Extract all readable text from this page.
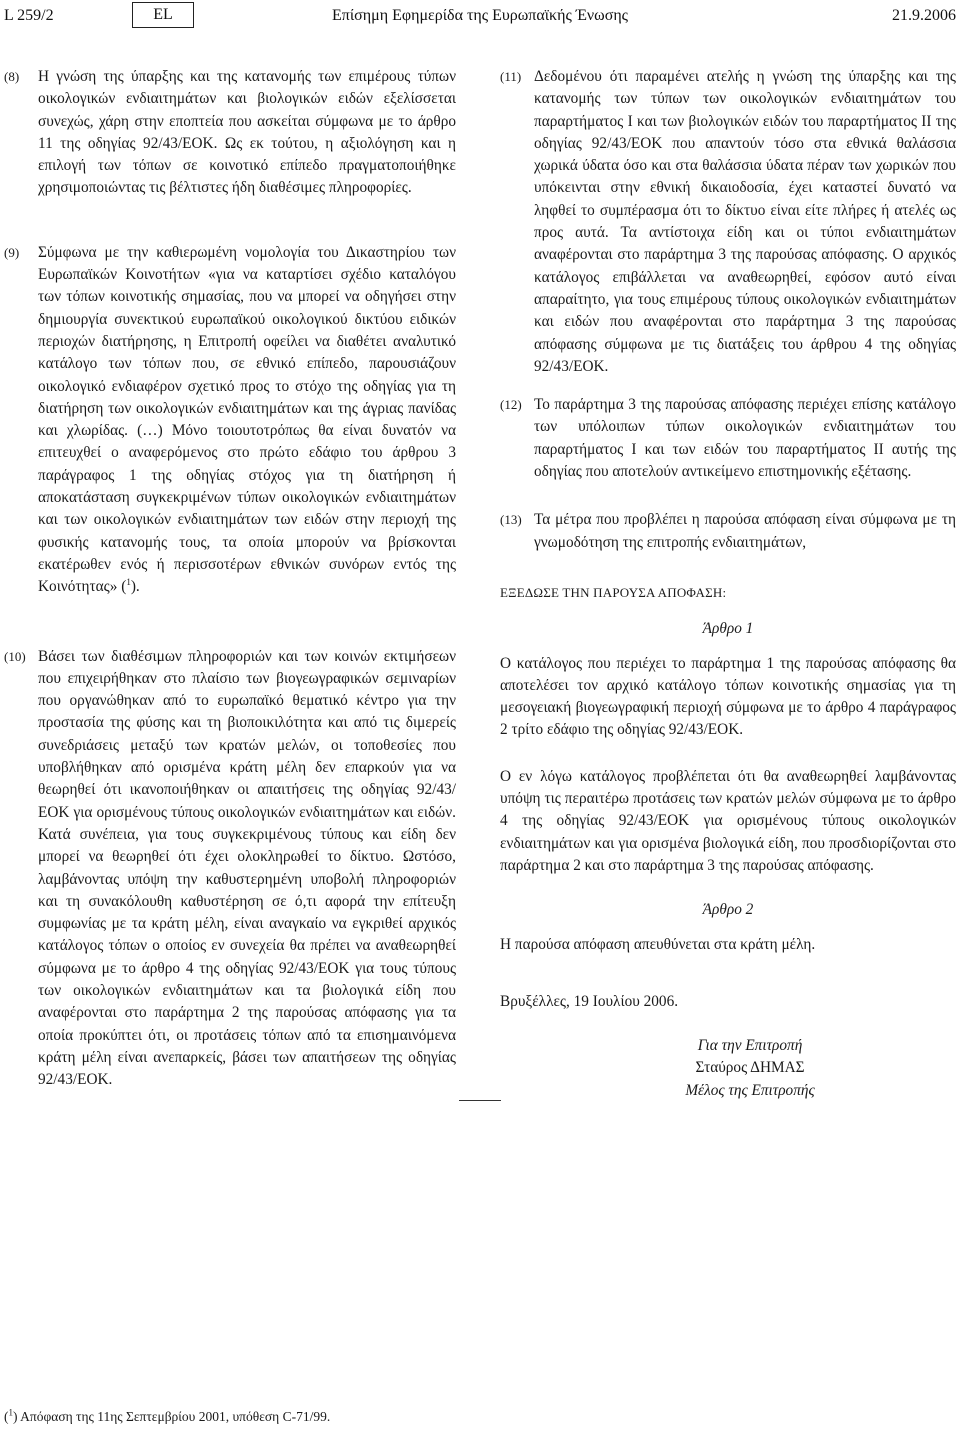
L 259/2	EL	Επίσημη Εφημερίδα της Ευρωπαϊκής Ένωσης	21.9.2006
(8) Η γνώση της ύπαρξης και της κατανομής των επιμέρους τύπων οικολογικών ενδιαιτημάτων και βιολογικών ειδών εξελίσσεται συνεχώς, χάρη στην εποπτεία που ασκείται σύμφωνα με το άρθρο 11 της οδηγίας 92/43/ΕΟΚ. Ως εκ τούτου, η αξιολόγηση και η επιλογή των τόπων σε κοινοτικό επίπεδο πραγματοποιήθηκε χρησιμοποιώντας τις βέλτιστες ήδη διαθέσιμες πληροφορίες.
(9) Σύμφωνα με την καθιερωμένη νομολογία του Δικαστηρίου των Ευρωπαϊκών Κοινοτήτων «για να καταρτίσει σχέδιο καταλόγου των τόπων κοινοτικής σημασίας, που να μπορεί να οδηγήσει στην δημιουργία συνεκτικού ευρωπαϊκού οικολογικού δικτύου ειδικών περιοχών διατήρησης, η Επιτροπή οφείλει να διαθέτει αναλυτικό κατάλογο των τόπων που, σε εθνικό επίπεδο, παρουσιάζουν οικολογικό ενδιαφέρον σχετικό προς το στόχο της οδηγίας για τη διατήρηση των οικολογικών ενδιαιτημάτων και της άγριας πανίδας και χλωρίδας. (…) Μόνο τοιουτοτρόπως θα είναι δυνατόν να επιτευχθεί ο αναφερόμενος στο πρώτο εδάφιο του άρθρου 3 παράγραφος 1 της οδηγίας στόχος για τη διατήρηση ή αποκατάσταση συγκεκριμένων τύπων οικολογικών ενδιαιτημάτων και των οικολογικών ενδιαιτημάτων των ειδών στην περιοχή της φυσικής κατανομής τους, τα οποία μπορούν να βρίσκονται εκατέρωθεν ενός ή περισσοτέρων εθνικών συνόρων εντός της Κοινότητας» ($^1$).
(10) Βάσει των διαθέσιμων πληροφοριών και των κοινών εκτιμήσεων που επιχειρήθηκαν στο πλαίσιο των βιογεωγραφικών σεμιναρίων που οργανώθηκαν από το ευρωπαϊκό θεματικό κέντρο για την προστασία της φύσης και τη βιοποικιλότητα και από τις διμερείς συνεδριάσεις μεταξύ των κρατών μελών, οι τοποθεσίες που υποβλήθηκαν από ορισμένα κράτη μέλη δεν επαρκούν για να θεωρηθεί ότι ικανοποιήθηκαν οι απαιτήσεις της οδηγίας 92/43/ΕΟΚ για ορισμένους τύπους οικολογικών ενδιαιτημάτων και ειδών. Κατά συνέπεια, για τους συγκεκριμένους τύπους και είδη δεν μπορεί να θεωρηθεί ότι έχει ολοκληρωθεί το δίκτυο. Ωστόσο, λαμβάνοντας υπόψη την καθυστερημένη υποβολή πληροφοριών και τη συνακόλουθη καθυστέρηση σε ό,τι αφορά την επίτευξη συμφωνίας με τα κράτη μέλη, είναι αναγκαίο να εγκριθεί αρχικός κατάλογος τόπων ο οποίος εν συνεχεία θα πρέπει να αναθεωρηθεί σύμφωνα με το άρθρο 4 της οδηγίας 92/43/ΕΟΚ για τους τύπους των οικολογικών ενδιαιτημάτων και τα βιολογικά είδη που αναφέρονται στο παράρτημα 2 της παρούσας απόφασης για τα οποία προκύπτει ότι, οι προτάσεις τόπων από τα επισημαινόμενα κράτη μέλη είναι ανεπαρκείς, βάσει των απαιτήσεων της οδηγίας 92/43/ΕΟΚ.
(11) Δεδομένου ότι παραμένει ατελής η γνώση της ύπαρξης και της κατανομής των τύπων των οικολογικών ενδιαιτημάτων του παραρτήματος I και των βιολογικών ειδών του παραρτήματος II της οδηγίας 92/43/ΕΟΚ που απαντούν τόσο στα εθνικά θαλάσσια χωρικά ύδατα όσο και στα θαλάσσια ύδατα πέραν των χωρικών που υπόκεινται στην εθνική δικαιοδοσία, έχει καταστεί δυνατό να ληφθεί το συμπέρασμα ότι το δίκτυο είναι είτε πλήρες ή ατελές ως προς αυτά. Τα αντίστοιχα είδη και οι τύποι ενδιαιτημάτων αναφέρονται στο παράρτημα 3 της παρούσας απόφασης. Ο αρχικός κατάλογος επιβάλλεται να αναθεωρηθεί, εφόσον αυτό είναι απαραίτητο, για τους επιμέρους τύπους οικολογικών ενδιαιτημάτων και ειδών που αναφέρονται στο παράρτημα 3 της παρούσας απόφασης σύμφωνα με τις διατάξεις του άρθρου 4 της οδηγίας 92/43/ΕΟΚ.
(12) Το παράρτημα 3 της παρούσας απόφασης περιέχει επίσης κατάλογο των υπόλοιπων τύπων οικολογικών ενδιαιτημάτων του παραρτήματος I και των ειδών του παραρτήματος II αυτής της οδηγίας που αποτελούν αντικείμενο επιστημονικής εξέτασης.
(13) Τα μέτρα που προβλέπει η παρούσα απόφαση είναι σύμφωνα με τη γνωμοδότηση της επιτροπής ενδιαιτημάτων,
ΕΞΕΔΩΣΕ ΤΗΝ ΠΑΡΟΥΣΑ ΑΠΟΦΑΣΗ:
Άρθρο 1
Ο κατάλογος που περιέχει το παράρτημα 1 της παρούσας απόφασης θα αποτελέσει τον αρχικό κατάλογο τόπων κοινοτικής σημασίας για τη μεσογειακή βιογεωγραφική περιοχή σύμφωνα με το άρθρο 4 παράγραφος 2 τρίτο εδάφιο της οδηγίας 92/43/ΕΟΚ.
Ο εν λόγω κατάλογος προβλέπεται ότι θα αναθεωρηθεί λαμβάνοντας υπόψη τις περαιτέρω προτάσεις των κρατών μελών σύμφωνα με το άρθρο 4 της οδηγίας 92/43/ΕΟΚ για ορισμένους τύπους οικολογικών ενδιαιτημάτων και για ορισμένα βιολογικά είδη, που προσδιορίζονται στο παράρτημα 2 και στο παράρτημα 3 της παρούσας απόφασης.
Άρθρο 2
Η παρούσα απόφαση απευθύνεται στα κράτη μέλη.
Βρυξέλλες, 19 Ιουλίου 2006.
Για την Επιτροπή
Σταύρος ΔΗΜΑΣ
Μέλος της Επιτροπής
($^1$) Απόφαση της 11ης Σεπτεμβρίου 2001, υπόθεση C-71/99.
